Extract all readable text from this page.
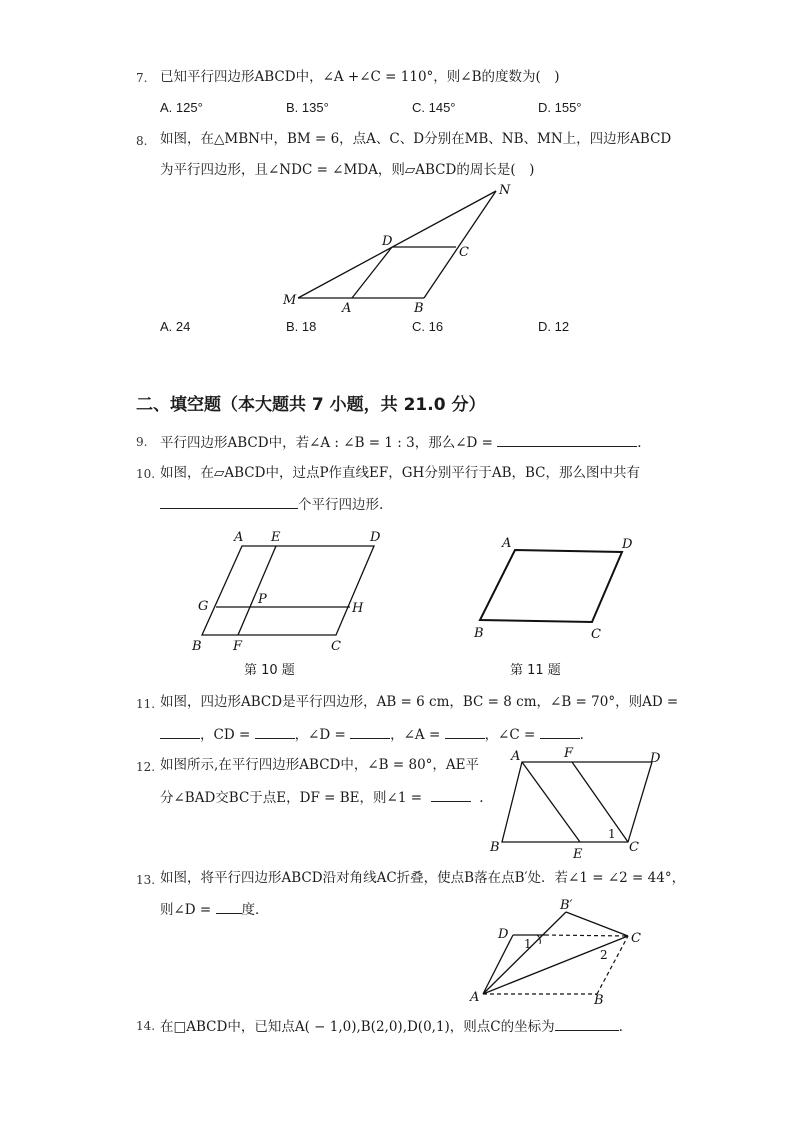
7. 已知平行四边形ABCD中，∠A +∠C = 110°，则∠B的度数为(　)
A. 125°	B. 135°	C. 145°	D. 155°
8. 如图，在△MBN中，BM = 6，点A、C、D分别在MB、NB、MN上，四边形ABCD
为平行四边形，且∠NDC = ∠MDA，则▱ABCD的周长是(　)
N
D
C
M
A	B
A. 24	B. 18	C. 16	D. 12
二、填空题（本大题共 7 小题，共 21.0 分）
9. 平行四边形ABCD中，若∠A : ∠B = 1 : 3，那么∠D =	.
10. 如图，在▱ABCD中，过点P作直线EF，GH分别平行于AB，BC，那么图中共有
个平行四边形.
A E	D
G	P
H
B F	C
A	D
B	C
第 10 题	第 11 题
11. 如图，四边形ABCD是平行四边形，AB = 6 cm，BC = 8 cm，∠B = 70°，则AD =
，CD =	，∠D =	，∠A =	，∠C =	.
12. 如图所示,在平行四边形ABCD中，∠B = 80°，AE平
分∠BAD交BC于点E，DF = BE，则∠1 =	.
A	F	D
B	E	C
1
13. 如图，将平行四边形ABCD沿对角线AC折叠，使点B落在点B′处．若∠1 = ∠2 = 44°，
则∠D = 度．	B′
D
1	C
2
A	B
14. 在□ABCD中，已知点A( − 1,0),B(2,0),D(0,1)，则点C的坐标为	.
